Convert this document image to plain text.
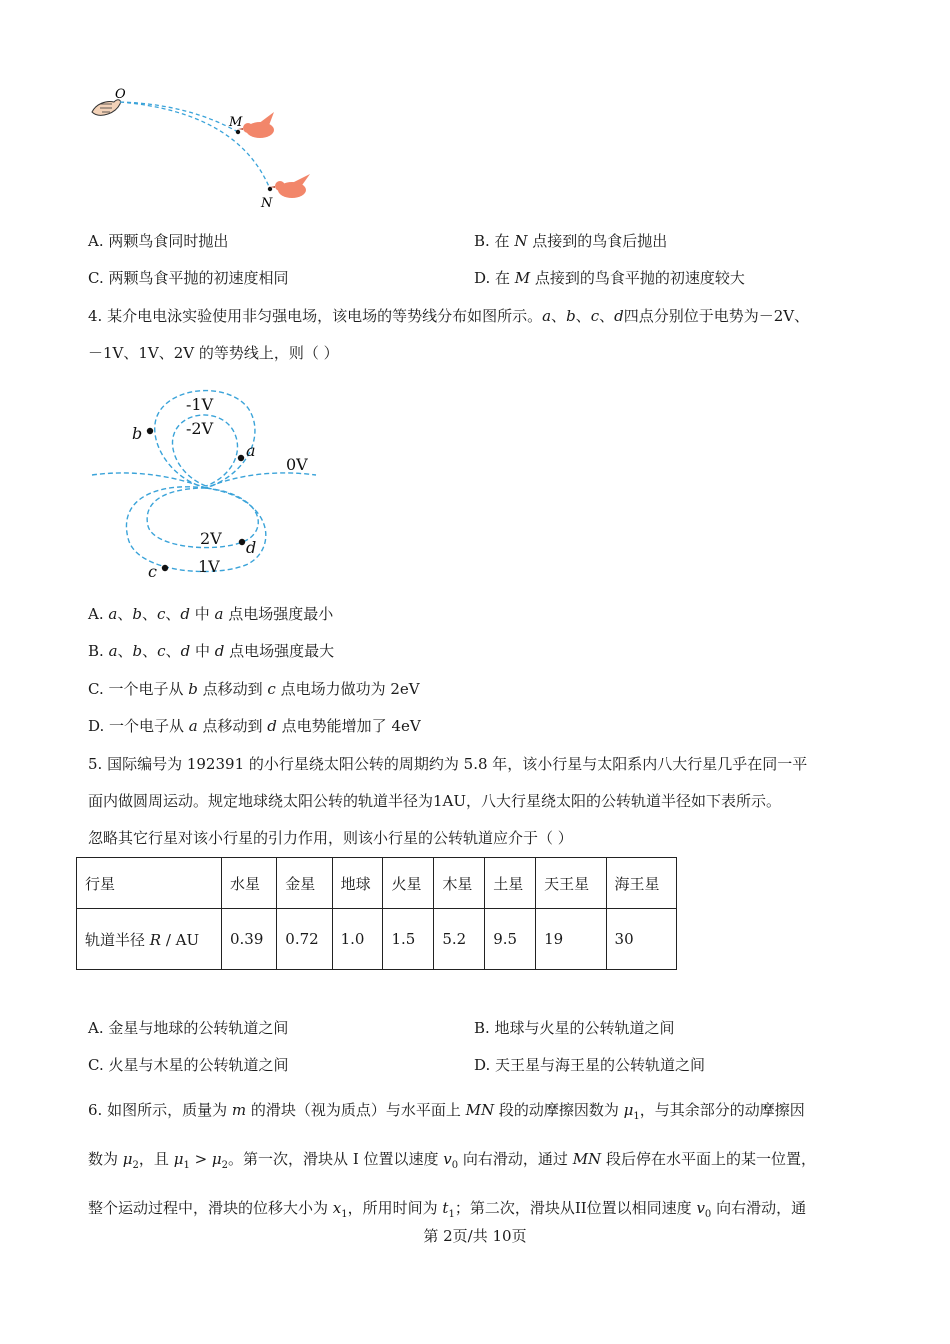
O
M
N
A. 两颗鸟食同时抛出	B. 在 N 点接到的鸟食后抛出
C. 两颗鸟食平抛的初速度相同	D. 在 M 点接到的鸟食平抛的初速度较大
4. 某介电电泳实验使用非匀强电场，该电场的等势线分布如图所示。a、b、c、d四点分别位于电势为－2V、
－1V、1V、2V 的等势线上，则（ ）
-1V
-2V
0V
2V
1V
a
b
c
d
A. a、b、c、d 中 a 点电场强度最小
B. a、b、c、d 中 d 点电场强度最大
C. 一个电子从 b 点移动到 c 点电场力做功为 2eV
D. 一个电子从 a 点移动到 d 点电势能增加了 4eV
5. 国际编号为 192391 的小行星绕太阳公转的周期约为 5.8 年，该小行星与太阳系内八大行星几乎在同一平
面内做圆周运动。规定地球绕太阳公转的轨道半径为1AU，八大行星绕太阳的公转轨道半径如下表所示。
忽略其它行星对该小行星的引力作用，则该小行星的公转轨道应介于（ ）
行星	水星	金星	地球	火星	木星	土星	天王星	海王星
轨道半径 R / AU	0.39	0.72	1.0	1.5	5.2	9.5	19	30
A. 金星与地球的公转轨道之间	B. 地球与火星的公转轨道之间
C. 火星与木星的公转轨道之间	D. 天王星与海王星的公转轨道之间
6. 如图所示，质量为 m 的滑块（视为质点）与水平面上 MN 段的动摩擦因数为 $\mu_1$，与其余部分的动摩擦因
数为 $\mu_2$，且 $\mu_1 > \mu_2$。第一次，滑块从 I 位置以速度 $v_0$ 向右滑动，通过 MN 段后停在水平面上的某一位置，
整个运动过程中，滑块的位移大小为 $x_1$，所用时间为 $t_1$；第二次，滑块从II位置以相同速度 $v_0$ 向右滑动，通
第 2页/共 10页
